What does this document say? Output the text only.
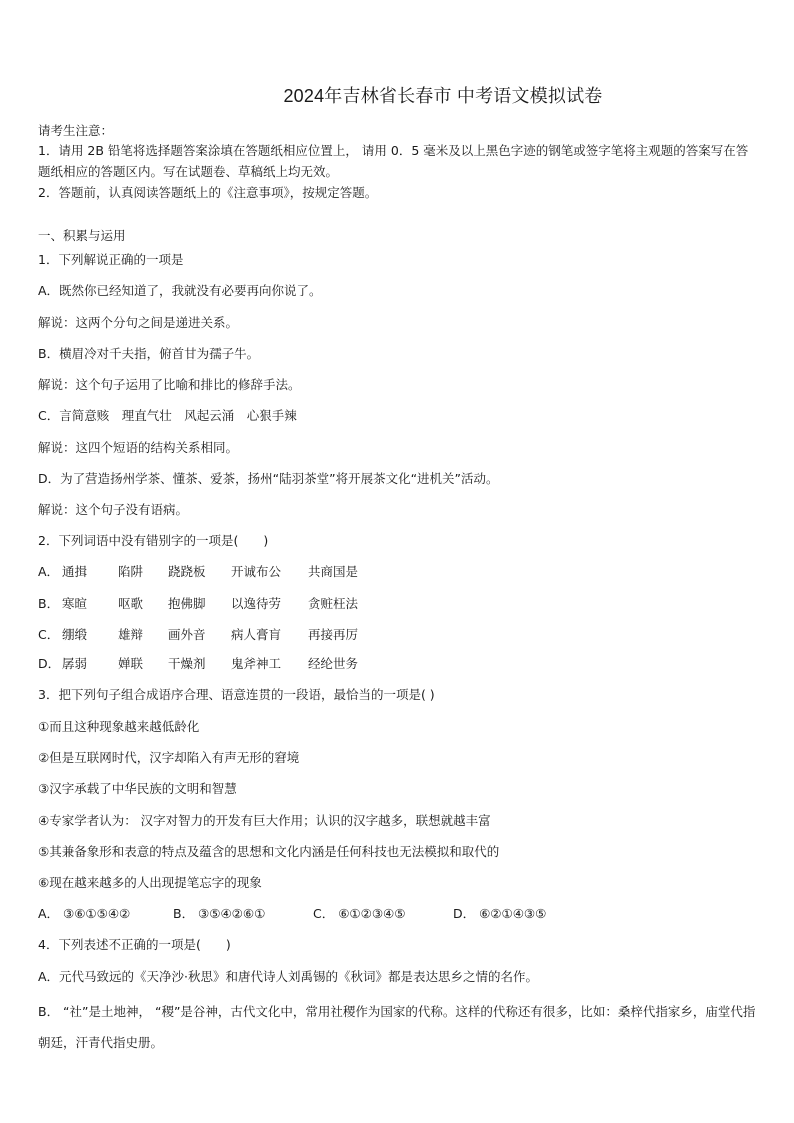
2024年吉林省长春市 中考语文模拟试卷
请考生注意：
1．请用 2B 铅笔将选择题答案涂填在答题纸相应位置上， 请用 0．5 毫米及以上黑色字迹的钢笔或签字笔将主观题的答案写在答题纸相应的答题区内。写在试题卷、草稿纸上均无效。
2．答题前，认真阅读答题纸上的《注意事项》，按规定答题。
一、积累与运用
1．下列解说正确的一项是
A．既然你已经知道了，我就没有必要再向你说了。
解说：这两个分句之间是递进关系。
B．横眉冷对千夫指，俯首甘为孺子牛。
解说：这个句子运用了比喻和排比的修辞手法。
C．言简意赅　理直气壮　风起云涌　心狠手辣
解说：这四个短语的结构关系相同。
D．为了营造扬州学茶、懂茶、爱茶，扬州“陆羽茶堂”将开展茶文化“进机关”活动。
解说：这个句子没有语病。
2．下列词语中没有错别字的一项是(　　)
A． 通揖 陷阱 跷跷板 开诚布公 共商国是
B． 寒暄 呕歌 抱佛脚 以逸待劳 贪赃枉法
C． 绷缎 雄辩 画外音 病人膏肓 再接再厉
D． 孱弱 婵联 干燥剂 鬼斧神工 经纶世务
3．把下列句子组合成语序合理、语意连贯的一段语，最恰当的一项是( )
①而且这种现象越来越低龄化
②但是互联网时代，汉字却陷入有声无形的窘境
③汉字承载了中华民族的文明和智慧
④专家学者认为： 汉字对智力的开发有巨大作用；认识的汉字越多，联想就越丰富
⑤其兼备象形和表意的特点及蕴含的思想和文化内涵是任何科技也无法模拟和取代的
⑥现在越来越多的人出现提笔忘字的现象
A． ③⑥①⑤④②	B． ③⑤④②⑥①	C． ⑥①②③④⑤	D． ⑥②①④③⑤
4．下列表述不正确的一项是(　　)
A．元代马致远的《天净沙·秋思》和唐代诗人刘禹锡的《秋词》都是表达思乡之情的名作。
B． “社”是土地神， “稷”是谷神，古代文化中，常用社稷作为国家的代称。这样的代称还有很多，比如：桑梓代指家乡，庙堂代指朝廷，汗青代指史册。
